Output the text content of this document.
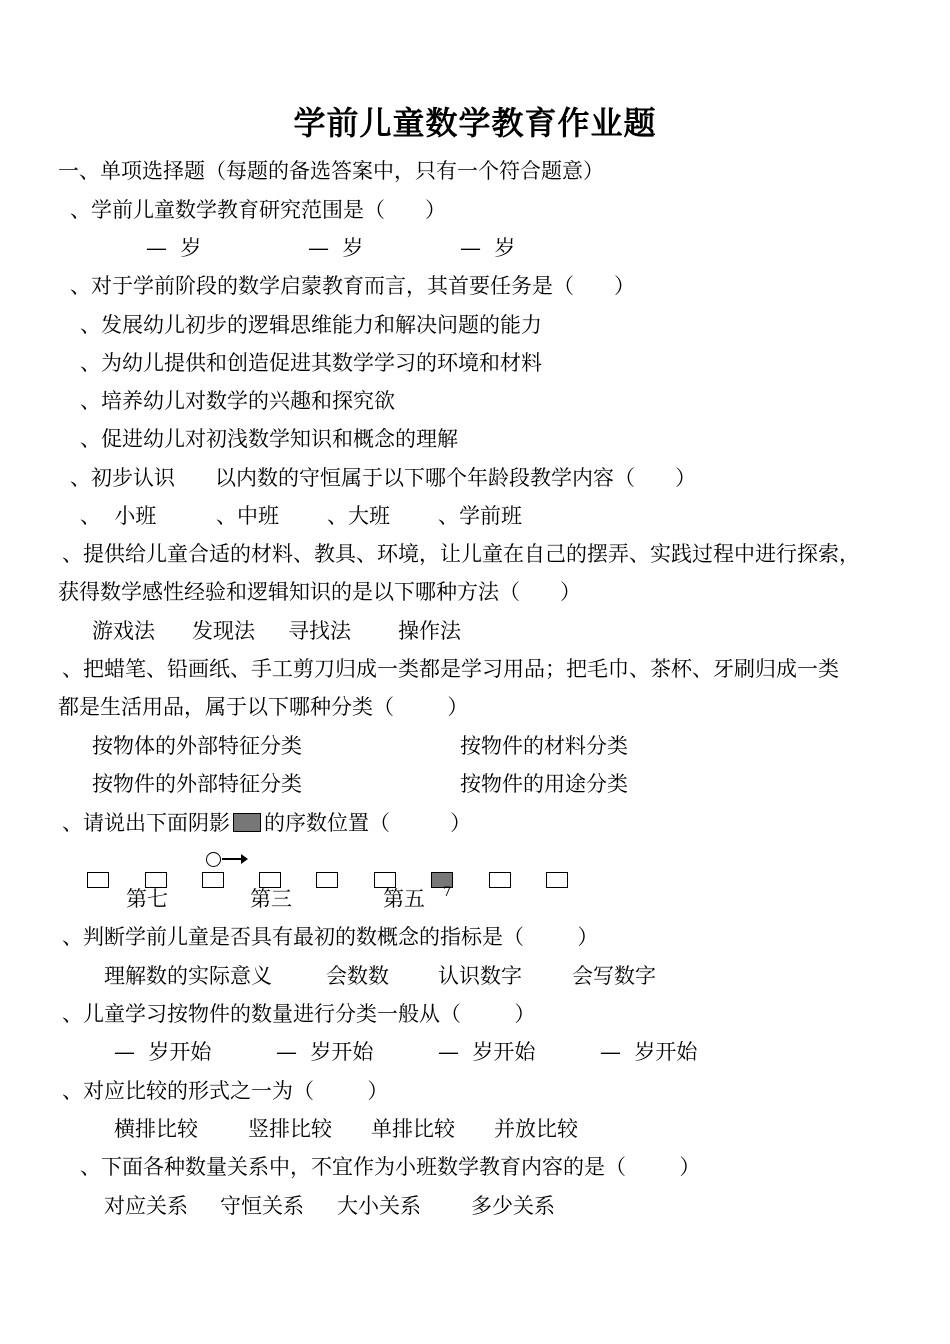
学前儿童数学教育作业题
一、单项选择题（每题的备选答案中，只有一个符合题意）
、学前儿童数学教育研究范围是（      ）
—  岁	—  岁	—  岁
、对于学前阶段的数学启蒙教育而言，其首要任务是（      ）
、发展幼儿初步的逻辑思维能力和解决问题的能力
、为幼儿提供和创造促进其数学学习的环境和材料
、培养幼儿对数学的兴趣和探究欲
、促进幼儿对初浅数学知识和概念的理解
、初步认识      以内数的守恒属于以下哪个年龄段教学内容（      ）
、  小班	、中班 、大班 、学前班
、提供给儿童合适的材料、教具、环境，让儿童在自己的摆弄、实践过程中进行探索，
获得数学感性经验和逻辑知识的是以下哪种方法（      ）
游戏法 发现法 寻找法 操作法
、把蜡笔、铅画纸、手工剪刀归成一类都是学习用品；把毛巾、茶杯、牙刷归成一类
都是生活用品，属于以下哪种分类（        ）
按物体的外部特征分类	按物件的材料分类
按物件的外部特征分类	按物件的用途分类
、请说出下面阴影 的序数位置（         ）
7
第七	第三	第五
、判断学前儿童是否具有最初的数概念的指标是（        ）
理解数的实际意义	会数数 认识数字 会写数字
、儿童学习按物件的数量进行分类一般从（        ）
—  岁开始	—  岁开始	—  岁开始	—  岁开始
、对应比较的形式之一为（        ）
横排比较 竖排比较 单排比较 并放比较
、下面各种数量关系中，不宜作为小班数学教育内容的是（        ）
对应关系 守恒关系 大小关系 多少关系
